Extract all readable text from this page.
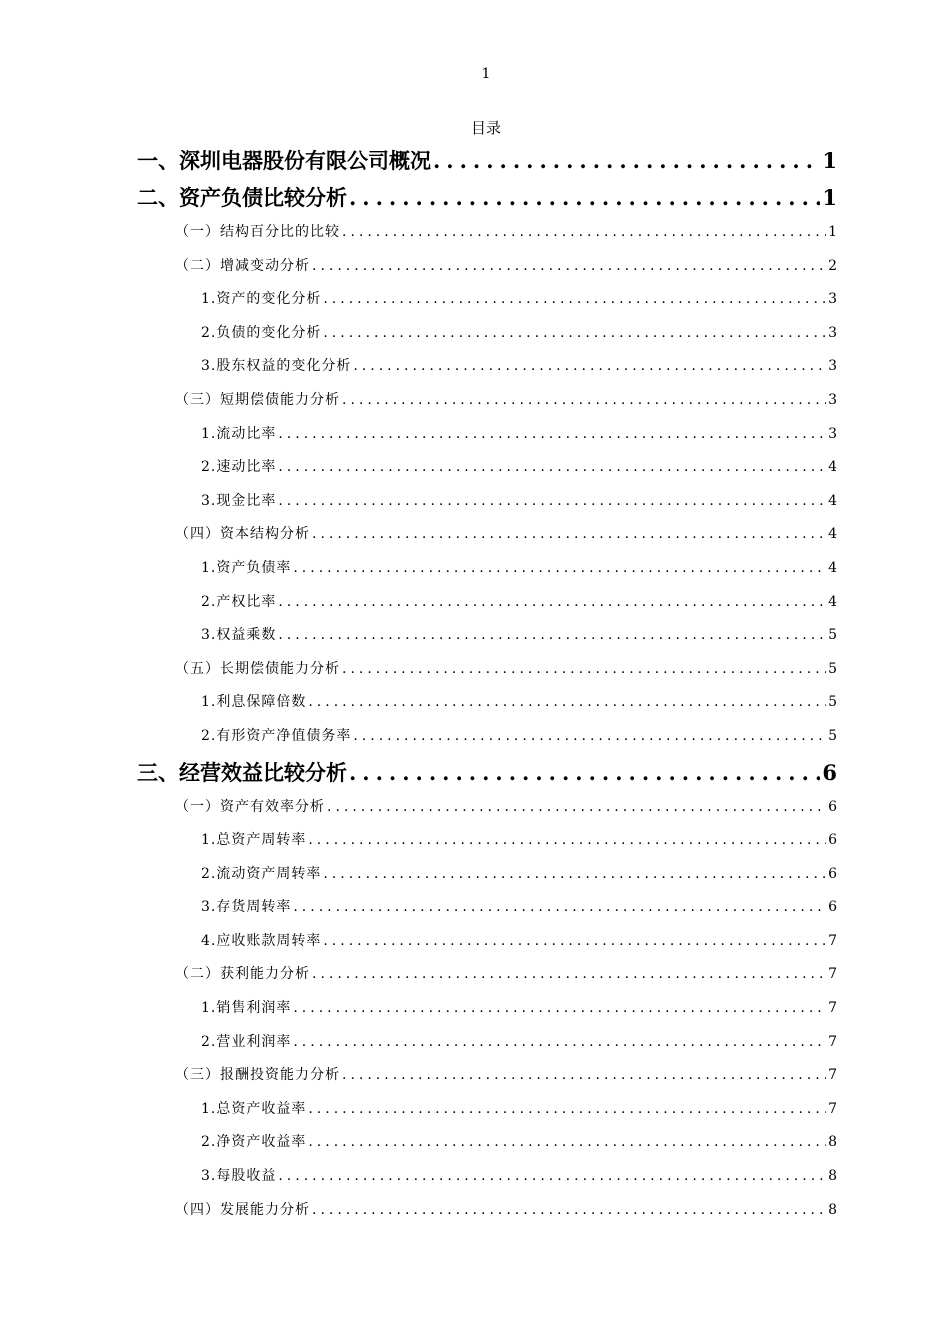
1
目录
一、深圳电器股份有限公司概况 .....	1
二、资产负债比较分析 .....	1
（一）结构百分比的比较 .....	1
（二）增减变动分析 .....	2
1.资产的变化分析 .....	3
2.负债的变化分析 .....	3
3.股东权益的变化分析 .....	3
（三）短期偿债能力分析 .....	3
1.流动比率 .....	3
2.速动比率 .....	4
3.现金比率 .....	4
（四）资本结构分析 .....	4
1.资产负债率 .....	4
2.产权比率 .....	4
3.权益乘数 .....	5
（五）长期偿债能力分析 .....	5
1.利息保障倍数 .....	5
2.有形资产净值债务率 .....	5
三、经营效益比较分析 .....	6
（一）资产有效率分析 .....	6
1.总资产周转率 .....	6
2.流动资产周转率 .....	6
3.存货周转率 .....	6
4.应收账款周转率 .....	7
（二）获利能力分析 .....	7
1.销售利润率 .....	7
2.营业利润率 .....	7
（三）报酬投资能力分析 .....	7
1.总资产收益率 .....	7
2.净资产收益率 .....	8
3.每股收益 .....	8
（四）发展能力分析 .....	8
